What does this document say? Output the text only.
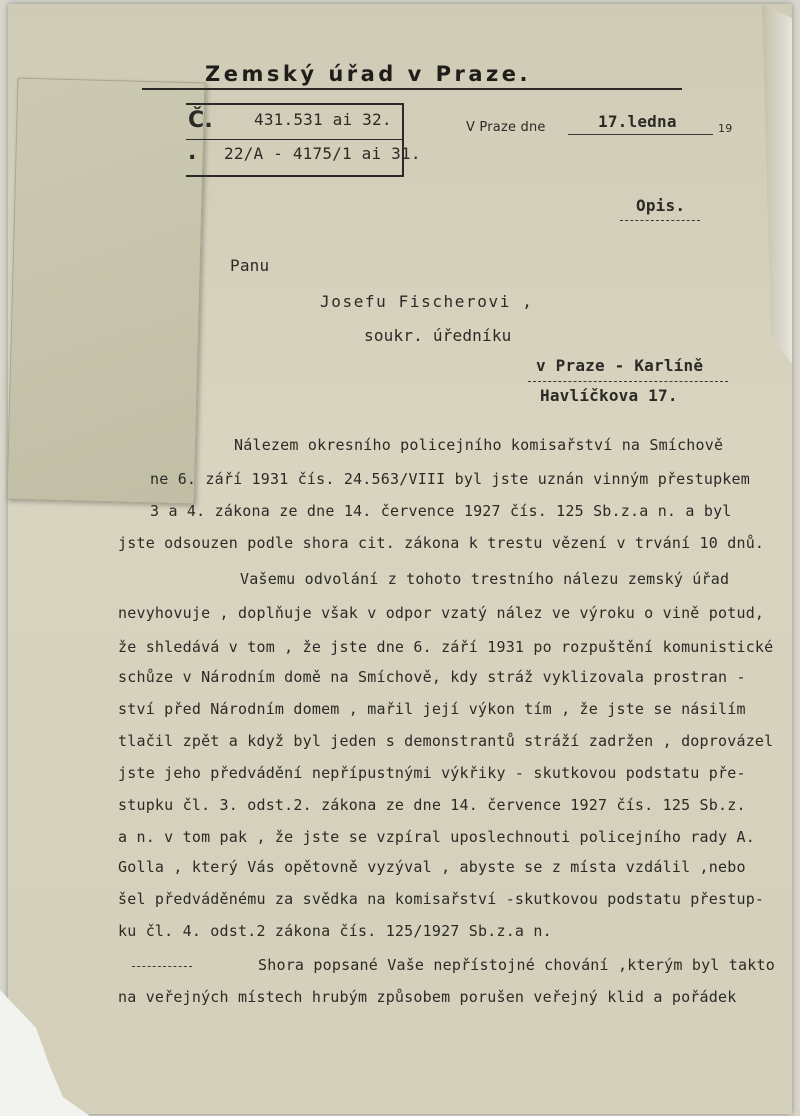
Zemský úřad v Praze.
Č.
.
431.531 ai 32.
22/A - 4175/1 ai 31.
V Praze dne	17.ledna	19
Opis.
Panu
Josefu Fischerovi ,
soukr. úředníku
v Praze - Karlíně
Havlíčkova 17.
Nálezem okresního policejního komisařství na Smíchově
ne 6. září 1931 čís. 24.563/VIII byl jste uznán vinným přestupkem
3 a 4. zákona ze dne 14. července 1927 čís. 125 Sb.z.a n. a byl
jste odsouzen podle shora cit. zákona k trestu vězení v trvání 10 dnů.
Vašemu odvolání z tohoto trestního nálezu zemský úřad
nevyhovuje , doplňuje však v odpor vzatý nález ve výroku o vině potud,
že shledává v tom , že jste dne 6. září 1931 po rozpuštění komunistické
schůze v Národním domě na Smíchově, kdy stráž vyklizovala prostran -
ství před Národním domem , mařil její výkon tím , že jste se násilím
tlačil zpět a když byl jeden s demonstrantů stráží zadržen , doprovázel
jste jeho předvádění nepřípustnými výkřiky - skutkovou podstatu pře-
stupku čl. 3. odst.2. zákona ze dne 14. července 1927 čís. 125 Sb.z.
a n. v tom pak , že jste se vzpíral uposlechnouti policejního rady A.
Golla , který Vás opětovně vyzýval , abyste se z místa vzdálil ,nebo
šel předváděnému za svědka na komisařství -skutkovou podstatu přestup-
ku čl. 4. odst.2 zákona čís. 125/1927 Sb.z.a n.
Shora popsané Vaše nepřístojné chování ,kterým byl takto
na veřejných místech hrubým způsobem porušen veřejný klid a pořádek
